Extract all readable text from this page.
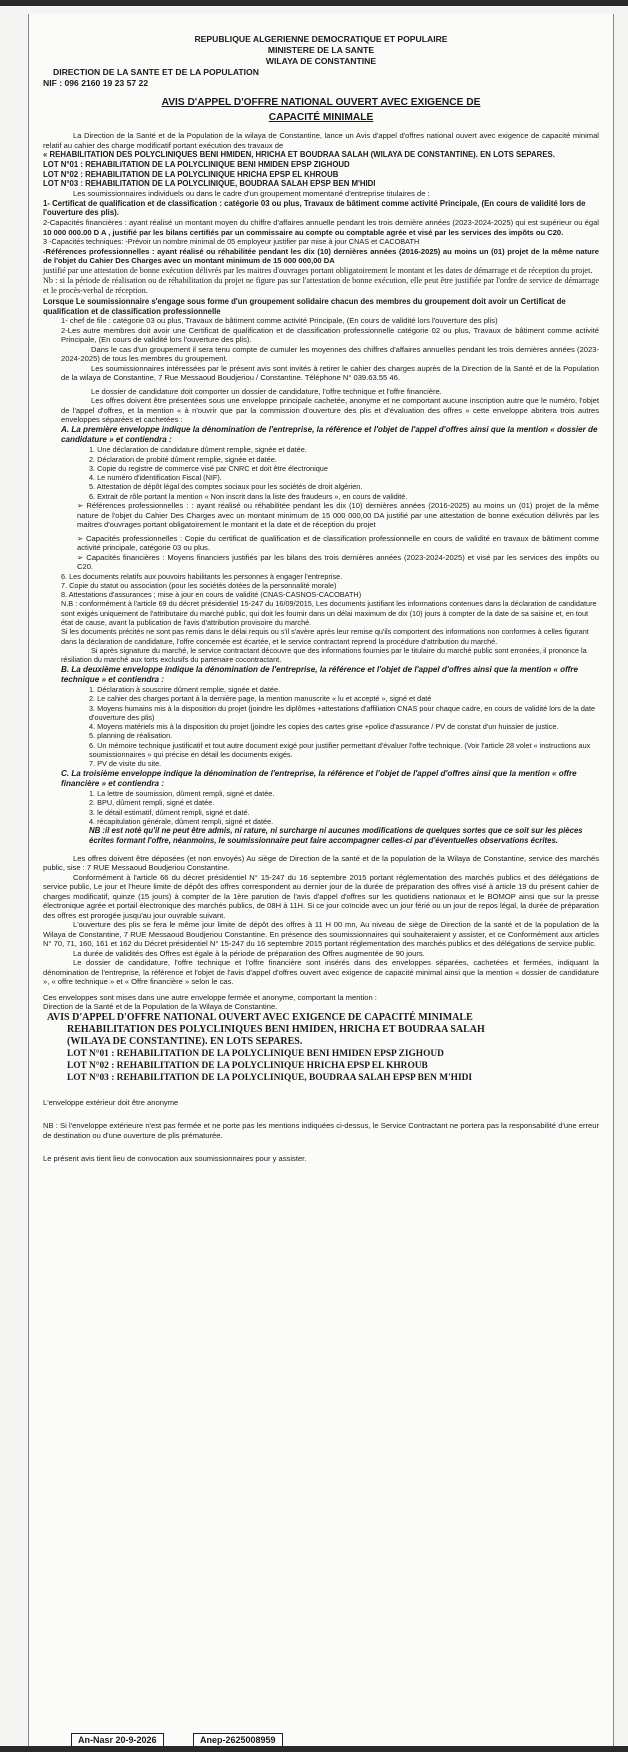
REPUBLIQUE ALGERIENNE DEMOCRATIQUE ET POPULAIRE
MINISTERE DE LA SANTE
WILAYA DE CONSTANTINE
DIRECTION DE LA SANTE ET DE LA POPULATION
NIF : 096 2160 19 23 57 22
AVIS D'APPEL D'OFFRE NATIONAL OUVERT AVEC EXIGENCE DE
CAPACITÉ MINIMALE

La Direction de la Santé et de la Population de la wilaya de Constantine, lance un Avis d'appel d'offres national ouvert avec exigence de capacité minimal relatif au cahier des charge modificatif portant exécution des travaux de

« REHABILITATION DES POLYCLINIQUES BENI HMIDEN, HRICHA ET BOUDRAA SALAH (WILAYA DE CONSTANTINE). EN LOTS SEPARES.

LOT N°01 : REHABILITATION DE LA POLYCLINIQUE BENI HMIDEN EPSP ZIGHOUD

LOT N°02 : REHABILITATION DE LA POLYCLINIQUE HRICHA EPSP EL KHROUB

LOT N°03 : REHABILITATION DE LA POLYCLINIQUE, BOUDRAA SALAH EPSP BEN M'HIDI

Les soumissionnaires individuels ou dans le cadre d'un groupement momentané d'entreprise titulaires de :

1- Certificat de qualification et de classification : catégorie 03 ou plus, Travaux de bâtiment comme activité Principale, (En cours de validité lors de l'ouverture des plis).

2-Capacités financières : ayant réalisé un montant moyen du chiffre d'affaires annuelle pendant les trois dernière années (2023-2024-2025) qui est supérieur ou égal 10 000 000.00 D A , justifié par les bilans certifiés par un commissaire au compte ou comptable agrée et visé par les services des impôts ou C20.

3 -Capacités techniques: -Prévoir un nombre minimal de 05 employeur justifier par mise à jour CNAS et CACOBATH

-Références professionnelles : ayant réalisé ou réhabilitée pendant les dix (10) dernières années (2016-2025) au moins un (01) projet de la même nature de l'objet du Cahier Des Charges avec un montant minimum de 15 000 000,00 DA

justifié par une attestation de bonne exécution délivrés par les maitres d'ouvrages portant obligatoirement le montant et les dates de démarrage et de réception du projet.

Nb : si la période de réalisation ou de réhabilitation du projet ne figure pas sur l'attestation de bonne exécution, elle peut être justifiée par l'ordre de service de démarrage et le procès-verbal de réception.

Lorsque Le soumissionnaire s'engage sous forme d'un groupement solidaire chacun des membres du groupement doit avoir un Certificat de qualification et de classification professionnelle

1- chef de file : catégorie 03 ou plus, Travaux de bâtiment comme activité Principale, (En cours de validité lors l'ouverture des plis)

2-Les autre membres doit avoir une Certificat de qualification et de classification professionnelle catégorie 02 ou plus, Travaux de bâtiment comme activité Principale, (En cours de validité lors l'ouverture des plis).

Dans le cas d'un groupement il sera tenu compte de cumuler les moyennes des chiffres d'affaires annuelles pendant les trois dernières années (2023-2024-2025) de tous les membres du groupement.

Les soumissionnaires intéressées par le présent avis sont invités à retirer le cahier des charges auprès de la Direction de la Santé et de la Population de la wilaya de Constantine, 7 Rue Messaoud Boudjeriou / Constantine. Téléphone N° 039.63.55 46.

Le dossier de candidature doit comporter un dossier de candidature, l'offre technique et l'offre financière.

Les offres doivent être présentées sous une enveloppe principale cachetée, anonyme et ne comportant aucune inscription autre que le numéro, l'objet de l'appel d'offres, et la mention « à n'ouvrir que par la commission d'ouverture des plis et d'évaluation des offres » cette enveloppe abritera trois autres enveloppes séparées et cachetées :

A. La première enveloppe indique la dénomination de l'entreprise, la référence et l'objet de l'appel d'offres ainsi que la mention « dossier de candidature » et contiendra :

1. Une déclaration de candidature dûment remplie, signée et datée.

2. Déclaration de probité dûment remplie, signée et datée.

3. Copie du registre de commerce visé par CNRC et doit être électronique

4. Le numéro d'identification Fiscal (NIF).

5. Attestation de dépôt légal des comptes sociaux pour les sociétés de droit algérien.

6. Extrait de rôle portant la mention « Non inscrit dans la liste des fraudeurs », en cours de validité.

➢ Références professionnelles : : ayant réalisé ou réhabilitée pendant les dix (10) dernières années (2016-2025) au moins un (01) projet de la même nature de l'objet du Cahier Des Charges avec un montant minimum de 15 000 000,00 DA justifié par une attestation de bonne exécution délivrés par les maitres d'ouvrages portant obligatoirement le montant et la date et de réception du projet

➢ Capacités professionnelles : Copie du certificat de qualification et de classification professionnelle en cours de validité en travaux de bâtiment comme activité principale, catégorie 03 ou plus.

➢ Capacités financières : Moyens financiers justifiés par les bilans des trois dernières années (2023-2024-2025) et visé par les services des impôts ou C20.

6. Les documents relatifs aux pouvoirs habilitants les personnes à engager l'entreprise.

7. Copie du statut ou association (pour les sociétés dotées de la personnalité morale)

8. Attestations d'assurances ; mise à jour en cours de validité (CNAS-CASNOS-CACOBATH)

N.B : conformément à l'article 69 du décret présidentiel 15-247 du 16/09/2015, Les documents justifiant les informations contenues dans la déclaration de candidature sont exigés uniquement de l'attributaire du marché public, qui doit les fournir dans un délai maximum de dix (10) jours à compter de la date de sa saisine et, en tout état de cause, avant la publication de l'avis d'attribution provisoire du marché.

Si les documents précités ne sont pas remis dans le délai requis ou s'il s'avère après leur remise qu'ils comportent des informations non conformes à celles figurant dans la déclaration de candidature, l'offre concernée est écartée, et le service contractant reprend la procédure d'attribution du marché.

Si après signature du marché, le service contractant découvre que des informations fournies par le titulaire du marché public sont erronées, il prononce la résiliation du marché aux torts exclusifs du partenaire cocontractant.

B. La deuxième enveloppe indique la dénomination de l'entreprise, la référence et l'objet de l'appel d'offres ainsi que la mention « offre technique » et contiendra :

1. Déclaration à souscrire dûment remplie, signée et datée.

2. Le cahier des charges portant à la dernière page, la mention manuscrite « lu et accepté », signé et daté

3. Moyens humains mis à la disposition du projet (joindre les diplômes +attestations d'affiliation CNAS pour chaque cadre, en cours de validité lors de la date d'ouverture des plis)

4. Moyens matériels mis à la disposition du projet (joindre les copies des cartes grise +police d'assurance / PV de constat d'un huissier de justice.

5. planning de réalisation.

6. Un mémoire technique justificatif et tout autre document exigé pour justifier permettant d'évaluer l'offre technique. (Voir l'article 28 volet « instructions aux soumissionnaires » qui précise en détail les documents exigés.

7. PV de visite du site.

C. La troisième enveloppe indique la dénomination de l'entreprise, la référence et l'objet de l'appel d'offres ainsi que la mention « offre financière » et contiendra :

1. La lettre de soumission, dûment rempli, signé et datée.

2. BPU, dûment rempli, signé et datée.

3. le détail estimatif, dûment rempli, signé et daté.

4. récapitulation générale, dûment rempli, signé et datée.

NB :il est noté qu'il ne peut être admis, ni rature, ni surcharge ni aucunes modifications de quelques sortes que ce soit sur les pièces écrites formant l'offre, néanmoins, le soumissionnaire peut faire accompagner celles-ci par d'éventuelles observations écrites.

Les offres doivent être déposées (et non envoyés) Au siège de Direction de la santé et de la population de la Wilaya de Constantine, service des marchés public, sise : 7 RUE Messaoud Boudjeriou Constantine.

Conformément à l'article 66 du décret présidentiel N° 15-247 du 16 septembre 2015 portant réglementation des marchés publics et des délégations de service public, Le jour et l'heure limite de dépôt des offres correspondent au dernier jour de la durée de préparation des offres visé à article 19 du présent cahier de charges modificatif, quinze (15 jours) à compter de la 1ère parution de l'avis d'appel d'offres sur les quotidiens nationaux et le BOMOP ainsi que sur la presse électronique agrée et portail électronique des marchés publics, de 08H à 11H. Si ce jour coïncide avec un jour férié ou un jour de repos légal, la durée de préparation des offres est prorogée jusqu'au jour ouvrable suivant.

L'ouverture des plis se fera le même jour limite de dépôt des offres à 11 H 00 mn, Au niveau de siège de Direction de la santé et de la population de la Wilaya de Constantine, 7 RUE Messaoud Boudjeriou Constantine. En présence des soumissionnaires qui souhaiteraient y assister, et ce Conformément aux articles N° 70, 71, 160, 161 et 162 du Décret présidentiel N° 15-247 du 16 septembre 2015 portant réglementation des marchés publics et des délégations de service public.

La durée de validités des Offres est égale à la période de préparation des Offres augmentée de 90 jours.

Le dossier de candidature, l'offre technique et l'offre financière sont insérés dans des enveloppes séparées, cachetées et fermées, indiquant la dénomination de l'entreprise, la référence et l'objet de l'avis d'appel d'offres ouvert avec exigence de capacité minimal ainsi que la mention « dossier de candidature », « offre technique » et « Offre financière » selon le cas.

Ces enveloppes sont mises dans une autre enveloppe fermée et anonyme, comportant la mention :

Direction de la Santé et de la Population de la Wilaya de Constantine.

AVIS D'APPEL D'OFFRE NATIONAL OUVERT AVEC EXIGENCE DE CAPACITÉ MINIMALE
REHABILITATION DES POLYCLINIQUES BENI HMIDEN, HRICHA ET BOUDRAA SALAH
(WILAYA DE CONSTANTINE). EN LOTS SEPARES.
LOT N°01 : REHABILITATION DE LA POLYCLINIQUE BENI HMIDEN EPSP ZIGHOUD
LOT N°02 : REHABILITATION DE LA POLYCLINIQUE HRICHA EPSP EL KHROUB
LOT N°03 : REHABILITATION DE LA POLYCLINIQUE, BOUDRAA SALAH EPSP BEN M'HIDI

L'enveloppe extérieur doit être anonyme

NB : Si l'enveloppe extérieure n'est pas fermée et ne porte pas les mentions indiquées ci-dessus, le Service Contractant ne portera pas la responsabilité d'une erreur de destination ou d'une ouverture de plis prématurée.

Le présent avis tient lieu de convocation aux soumissionnaires pour y assister.

An-Nasr 20-9-2026	Anep-2625008959
